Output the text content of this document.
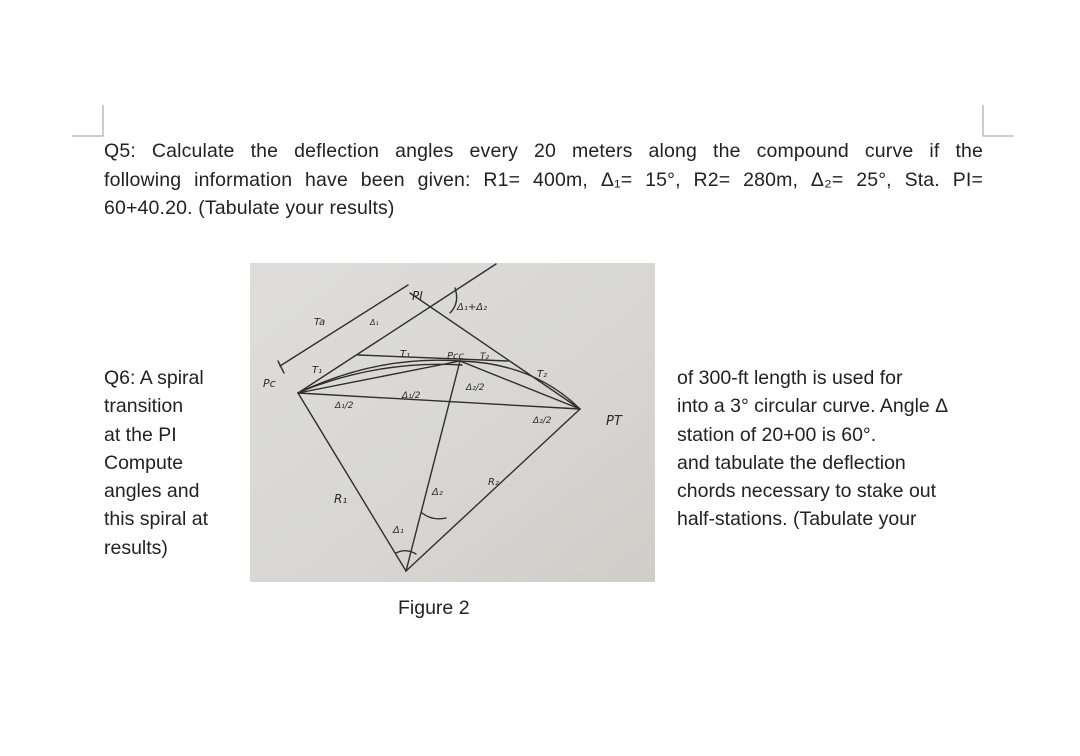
Q5: Calculate the deflection angles every 20 meters along the compound curve if the
following information have been given: R1= 400m, Δ₁= 15°, R2= 280m, Δ₂= 25°, Sta. PI=
60+40.20. (Tabulate your results)
Q6: A spiral
transition
at the PI
Compute
angles and
this spiral at
results)
PI
Δ₁+Δ₂
Pc
PT
Ta
T₁
T₁	Pcc T₂
T₂
R₁
R₂
Δ₁
Δ₂
Δ₁/2
Δ₁/2
Δ₂/2
Δ₂/2
Δ₁
Figure 2
of 300-ft length is used for
into a 3° circular curve. Angle Δ
station of 20+00 is 60°.
and tabulate the deflection
chords necessary to stake out
half-stations. (Tabulate your
